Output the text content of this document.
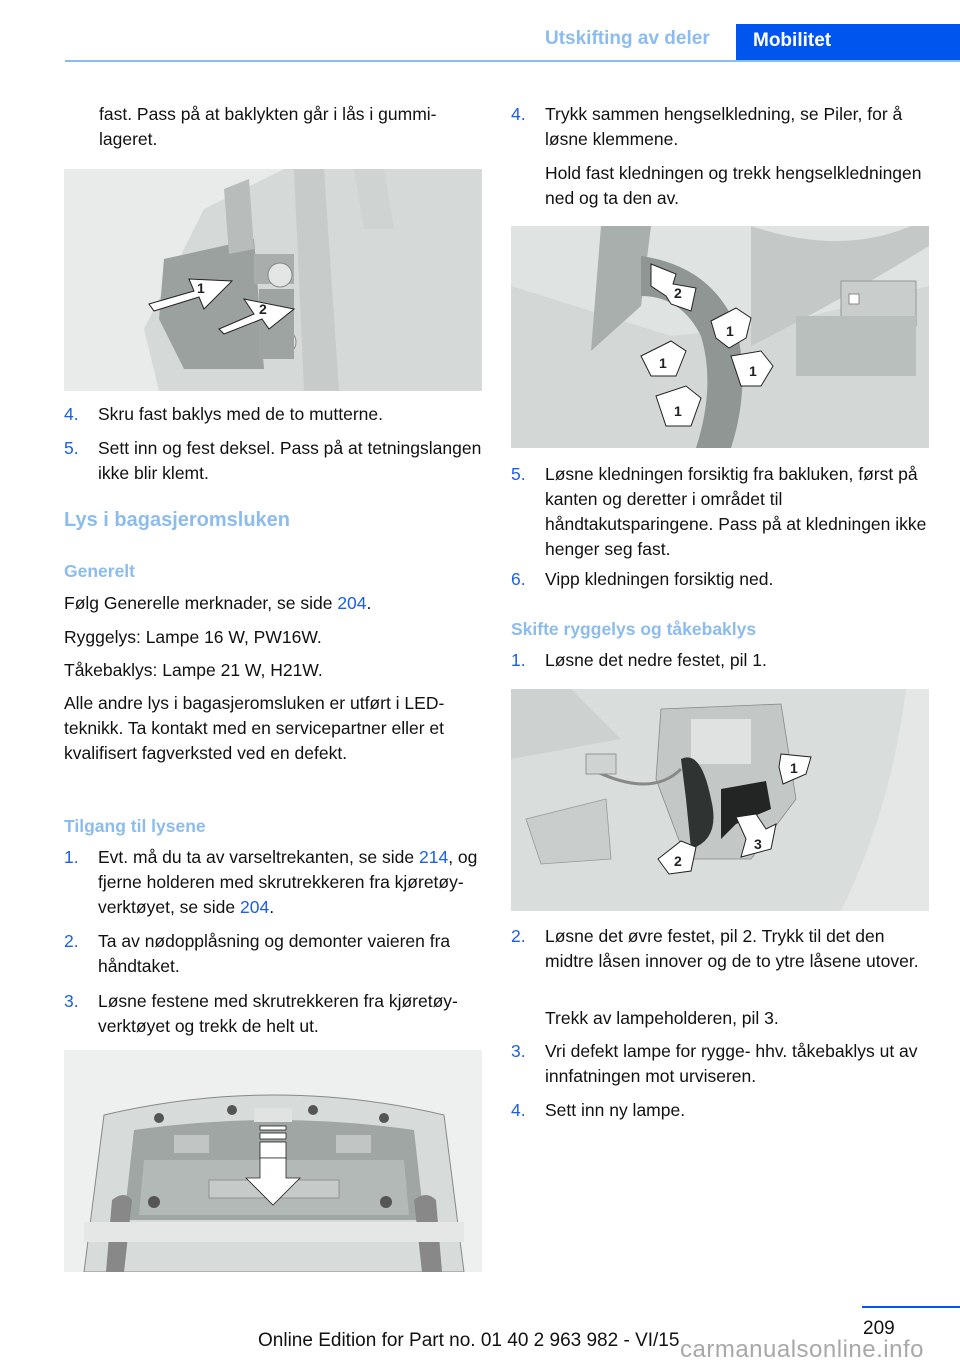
Utskifting av deler	Mobilitet
fast. Pass på at baklykten går i lås i gummi-
lageret.
1
2
4.	Skru fast baklys med de to mutterne.
5.	Sett inn og fest deksel. Pass på at tetningslangen ikke blir klemt.
Lys i bagasjeromsluken
Generelt
Følg Generelle merknader, se side 204.
Ryggelys: Lampe 16 W, PW16W.
Tåkebaklys: Lampe 21 W, H21W.
Alle andre lys i bagasjeromsluken er utført i LED-teknikk. Ta kontakt med en servicepartner eller et kvalifisert fagverksted ved en defekt.
Tilgang til lysene
1.	Evt. må du ta av varseltrekanten, se side 214, og fjerne holderen med skrutrekkeren fra kjøretøy-verktøyet, se side 204.
2.	Ta av nødopplåsning og demonter vaieren fra håndtaket.
3.	Løsne festene med skrutrekkeren fra kjøretøy-verktøyet og trekk de helt ut.
4.	Trykk sammen hengselkledning, se Piler, for å løsne klemmene.
Hold fast kledningen og trekk hengselkledningen ned og ta den av.
2
1
1	1
1
5.	Løsne kledningen forsiktig fra bakluken, først på kanten og deretter i området til håndtakutsparingene. Pass på at kledningen ikke henger seg fast.
6.	Vipp kledningen forsiktig ned.
Skifte ryggelys og tåkebaklys
1.	Løsne det nedre festet, pil 1.
1
2
3
2.	Løsne det øvre festet, pil 2. Trykk til det den midtre låsen innover og de to ytre låsene utover.
Trekk av lampeholderen, pil 3.
3.	Vri defekt lampe for rygge- hhv. tåkebaklys ut av innfatningen mot urviseren.
4.	Sett inn ny lampe.
209
Online Edition for Part no. 01 40 2 963 982 - VI/15 carmanualsonline.info
